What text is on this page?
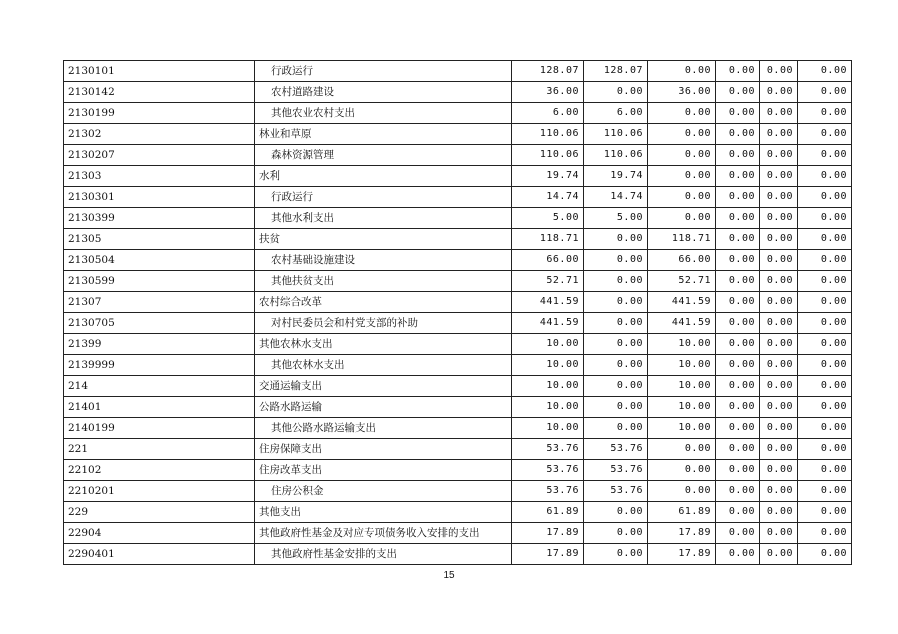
2130101	行政运行	128.07	128.07	0.00	0.00	0.00	0.00
2130142	农村道路建设	36.00	0.00	36.00	0.00	0.00	0.00
2130199	其他农业农村支出	6.00	6.00	0.00	0.00	0.00	0.00
21302	林业和草原	110.06	110.06	0.00	0.00	0.00	0.00
2130207	森林资源管理	110.06	110.06	0.00	0.00	0.00	0.00
21303	水利	19.74	19.74	0.00	0.00	0.00	0.00
2130301	行政运行	14.74	14.74	0.00	0.00	0.00	0.00
2130399	其他水利支出	5.00	5.00	0.00	0.00	0.00	0.00
21305	扶贫	118.71	0.00	118.71	0.00	0.00	0.00
2130504	农村基础设施建设	66.00	0.00	66.00	0.00	0.00	0.00
2130599	其他扶贫支出	52.71	0.00	52.71	0.00	0.00	0.00
21307	农村综合改革	441.59	0.00	441.59	0.00	0.00	0.00
2130705	对村民委员会和村党支部的补助	441.59	0.00	441.59	0.00	0.00	0.00
21399	其他农林水支出	10.00	0.00	10.00	0.00	0.00	0.00
2139999	其他农林水支出	10.00	0.00	10.00	0.00	0.00	0.00
214	交通运输支出	10.00	0.00	10.00	0.00	0.00	0.00
21401	公路水路运输	10.00	0.00	10.00	0.00	0.00	0.00
2140199	其他公路水路运输支出	10.00	0.00	10.00	0.00	0.00	0.00
221	住房保障支出	53.76	53.76	0.00	0.00	0.00	0.00
22102	住房改革支出	53.76	53.76	0.00	0.00	0.00	0.00
2210201	住房公积金	53.76	53.76	0.00	0.00	0.00	0.00
229	其他支出	61.89	0.00	61.89	0.00	0.00	0.00
22904	其他政府性基金及对应专项债务收入安排的支出	17.89	0.00	17.89	0.00	0.00	0.00
2290401	其他政府性基金安排的支出	17.89	0.00	17.89	0.00	0.00	0.00
15
